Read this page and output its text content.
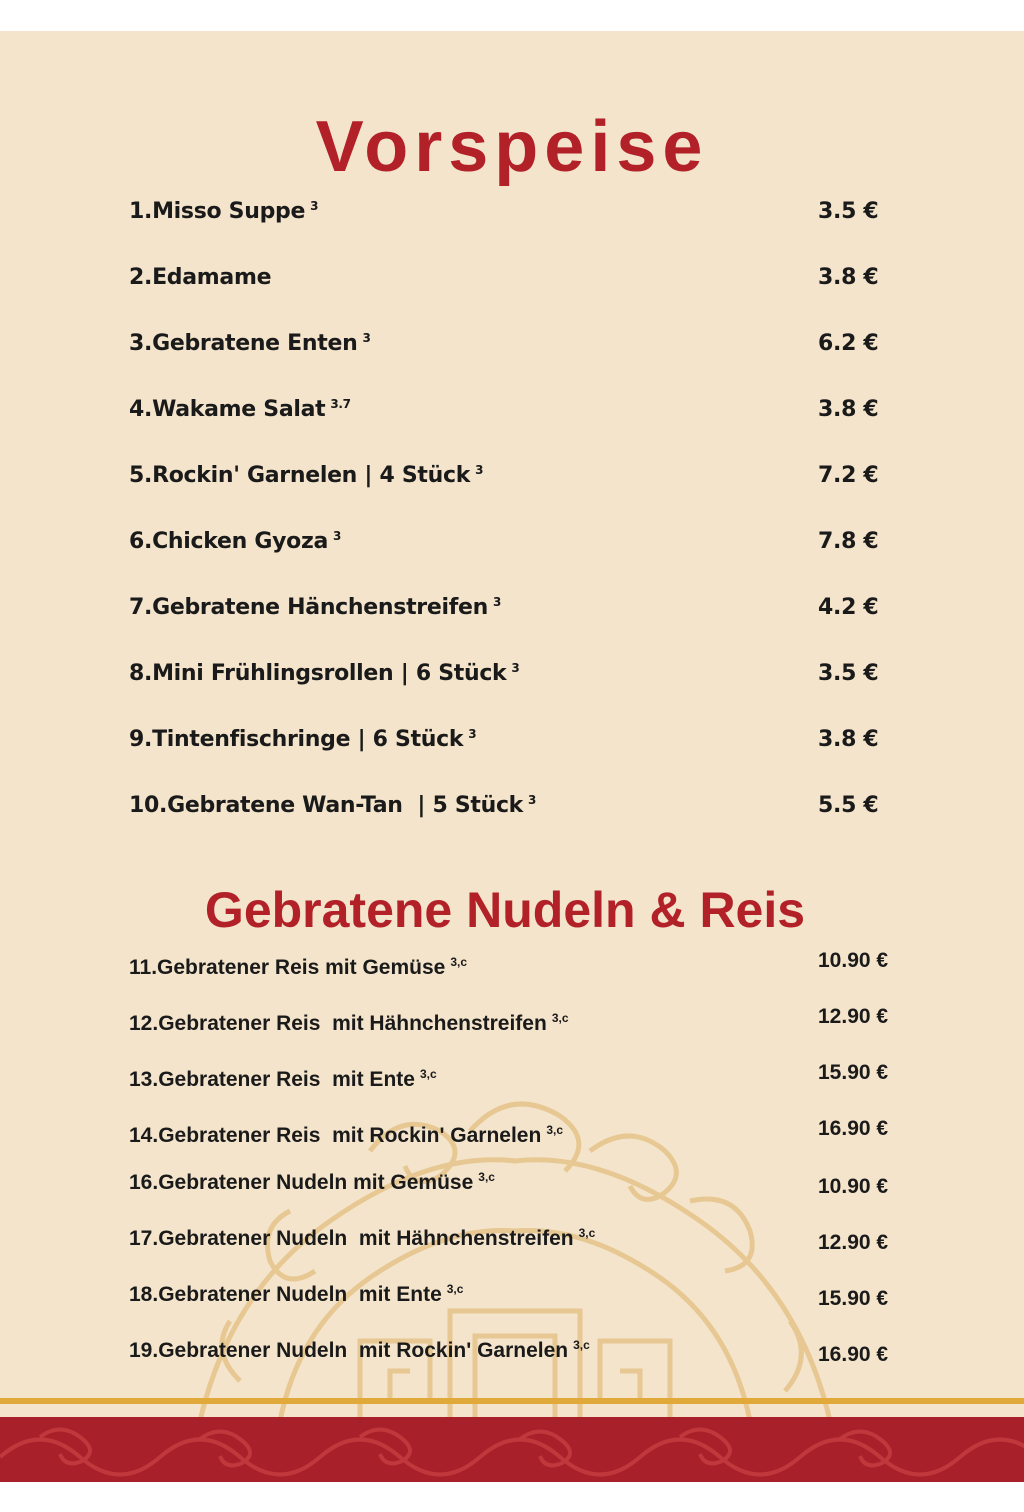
Vorspeise
1.Misso Suppe $^3$	3.5 €
2.Edamame	3.8 €
3.Gebratene Enten $^3$	6.2 €
4.Wakame Salat $^{3.7}$	3.8 €
5.Rockin' Garnelen | 4 Stück $^3$	7.2 €
6.Chicken Gyoza $^3$	7.8 €
7.Gebratene Hänchenstreifen $^3$	4.2 €
8.Mini Frühlingsrollen | 6 Stück $^3$	3.5 €
9.Tintenfischringe | 6 Stück $^3$	3.8 €
10.Gebratene Wan-Tan  | 5 Stück $^3$	5.5 €
Gebratene Nudeln & Reis
11.Gebratener Reis mit Gemüse $^{3,c}$	10.90 €
12.Gebratener Reis  mit Hähnchenstreifen $^{3,c}$	12.90 €
13.Gebratener Reis  mit Ente $^{3,c}$	15.90 €
14.Gebratener Reis  mit Rockin' Garnelen $^{3,c}$	16.90 €
16.Gebratener Nudeln mit Gemüse $^{3,c}$	10.90 €
17.Gebratener Nudeln  mit Hähnchenstreifen $^{3,c}$	12.90 €
18.Gebratener Nudeln  mit Ente $^{3,c}$	15.90 €
19.Gebratener Nudeln  mit Rockin' Garnelen $^{3,c}$	16.90 €
